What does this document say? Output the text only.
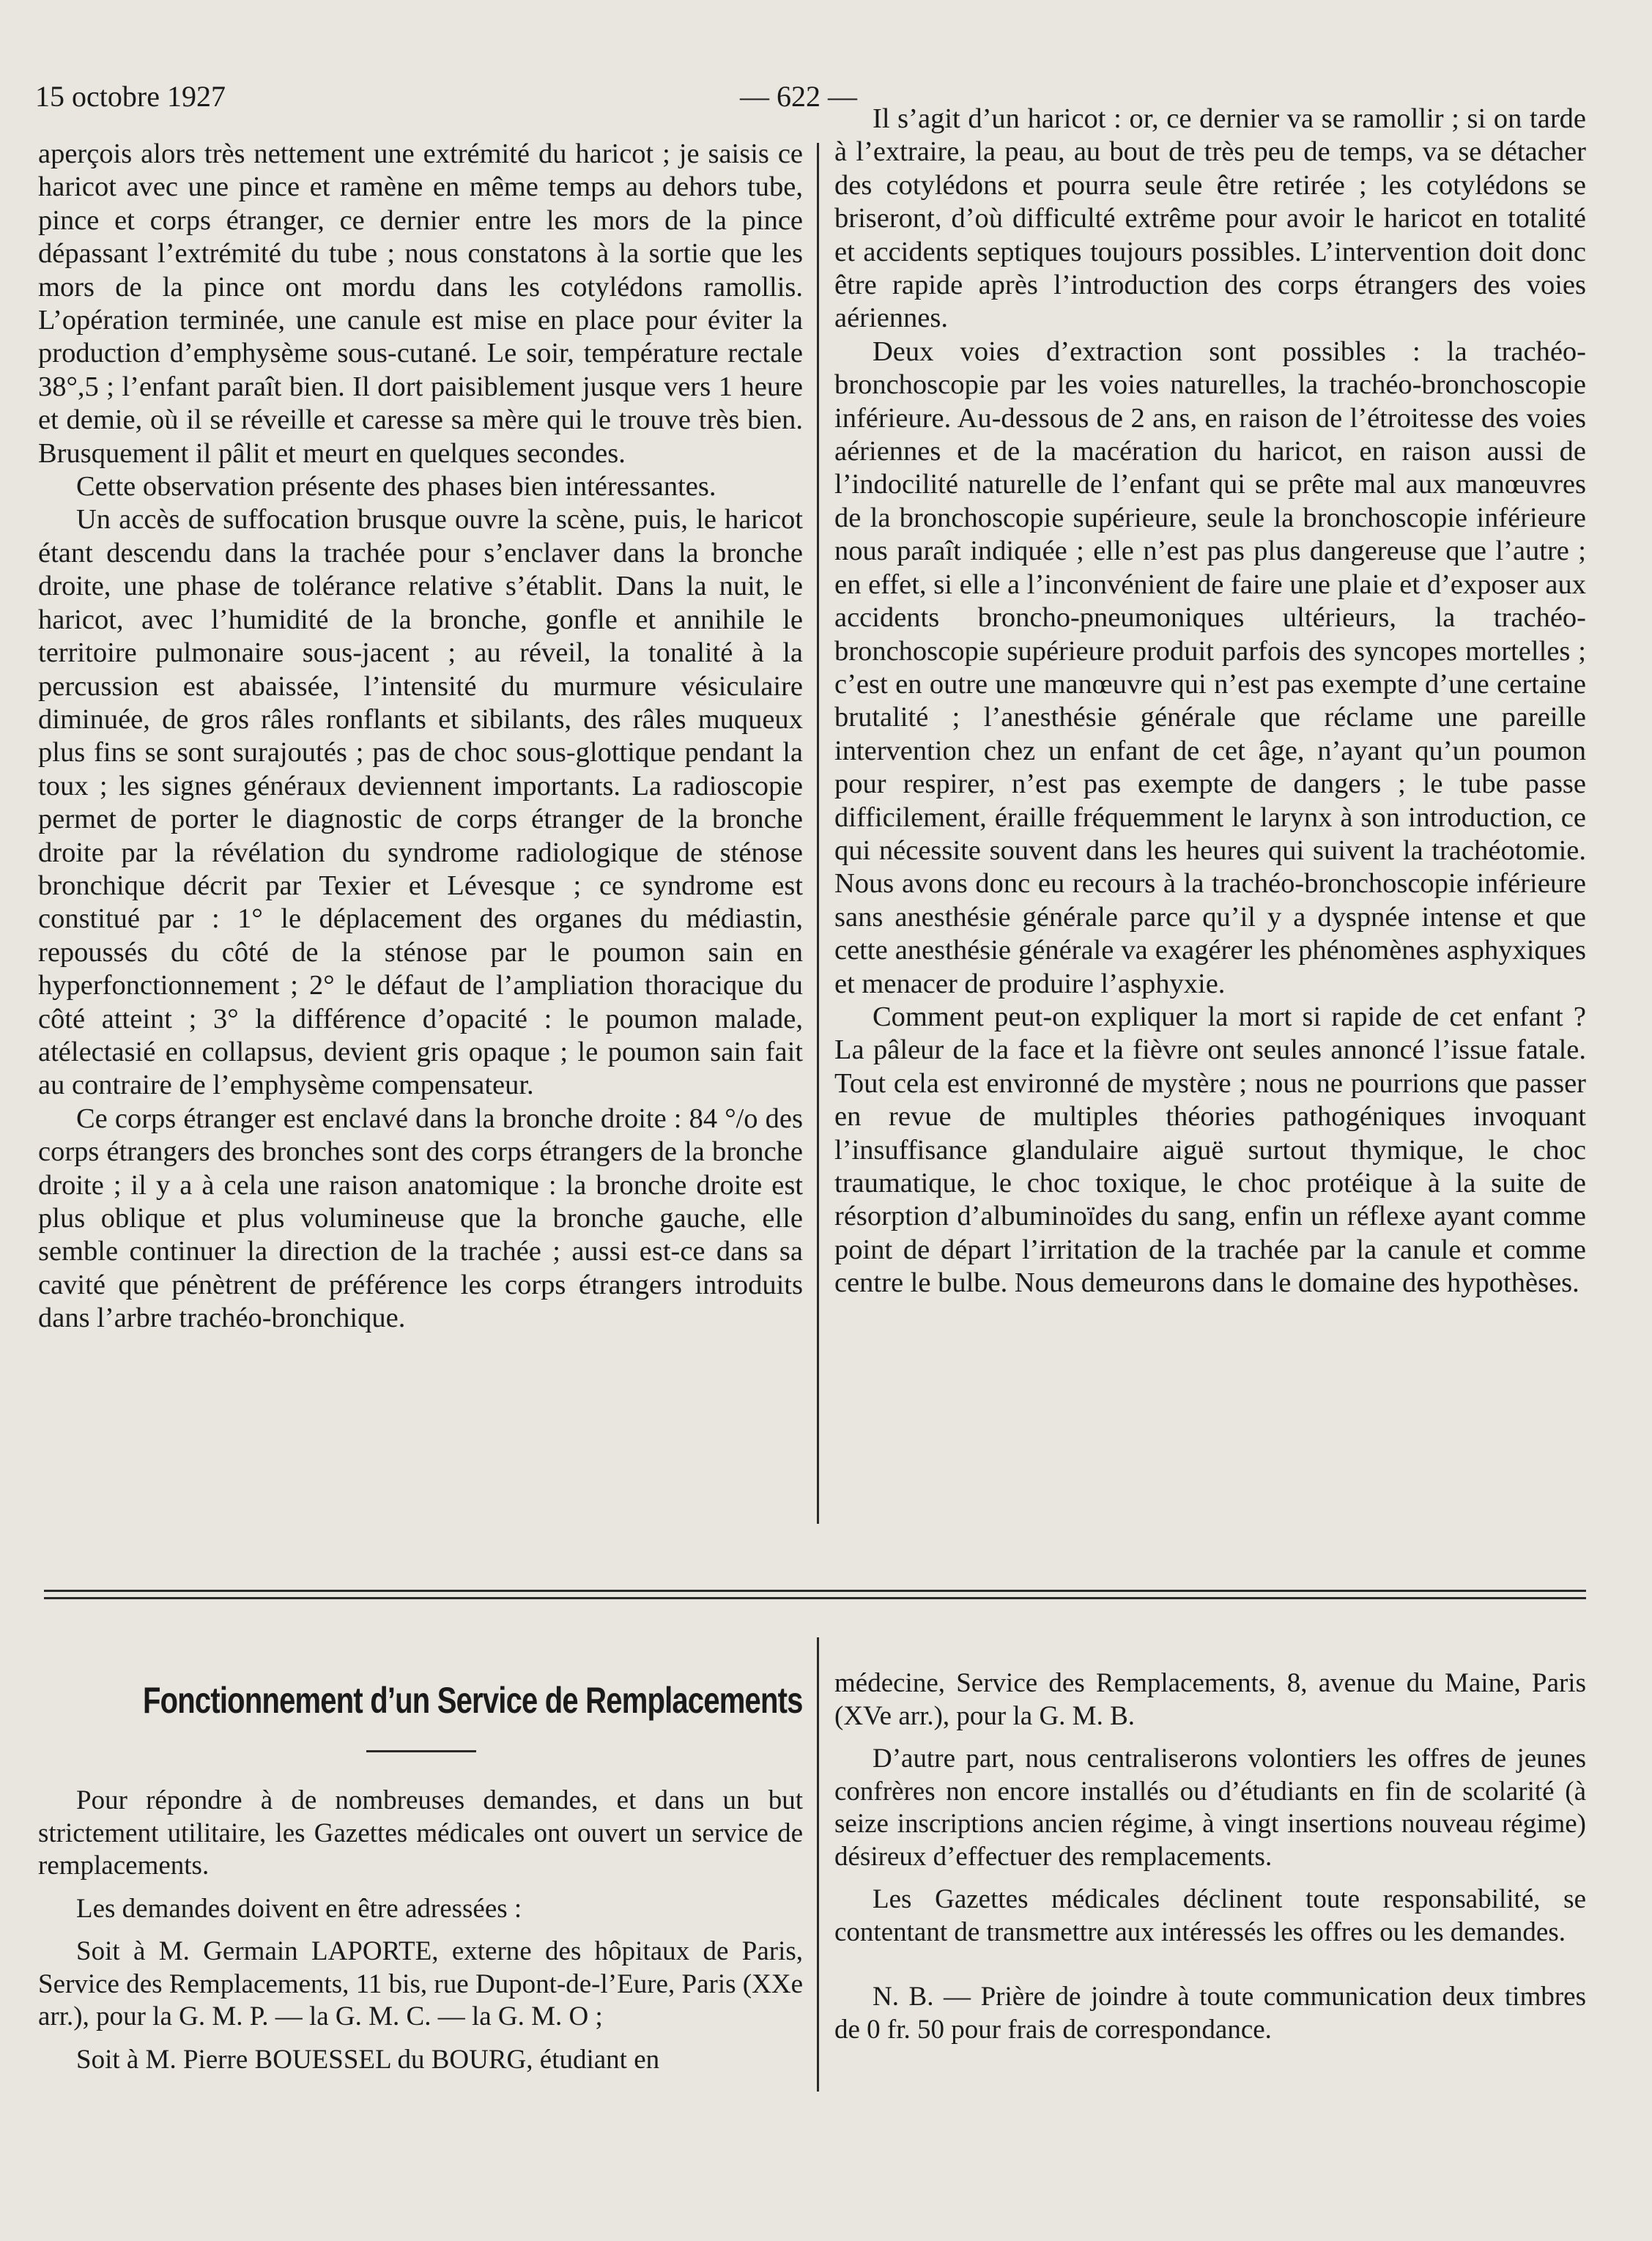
15 octobre 1927	— 622 —

aperçois alors très nettement une extrémité du haricot ; je saisis ce haricot avec une pince et ramène en même temps au dehors tube, pince et corps étranger, ce dernier entre les mors de la pince dépassant l’extrémité du tube ; nous constatons à la sortie que les mors de la pince ont mordu dans les cotylédons ramollis. L’opération terminée, une canule est mise en place pour éviter la production d’emphysème sous-cutané. Le soir, température rectale 38°,5 ; l’enfant paraît bien. Il dort paisiblement jusque vers 1 heure et demie, où il se réveille et caresse sa mère qui le trouve très bien. Brusquement il pâlit et meurt en quelques secondes.

Cette observation présente des phases bien intéressantes.

Un accès de suffocation brusque ouvre la scène, puis, le haricot étant descendu dans la trachée pour s’enclaver dans la bronche droite, une phase de tolérance relative s’établit. Dans la nuit, le haricot, avec l’humidité de la bronche, gonfle et annihile le territoire pulmonaire sous-jacent ; au réveil, la tonalité à la percussion est abaissée, l’intensité du murmure vésiculaire diminuée, de gros râles ronflants et sibilants, des râles muqueux plus fins se sont surajoutés ; pas de choc sous-glottique pendant la toux ; les signes généraux deviennent importants. La radioscopie permet de porter le diagnostic de corps étranger de la bronche droite par la révélation du syndrome radiologique de sténose bronchique décrit par Texier et Lévesque ; ce syndrome est constitué par : 1° le déplacement des organes du médiastin, repoussés du côté de la sténose par le poumon sain en hyperfonctionnement ; 2° le défaut de l’ampliation thoracique du côté atteint ; 3° la différence d’opacité : le poumon malade, atélectasié en collapsus, devient gris opaque ; le poumon sain fait au contraire de l’emphysème compensateur.

Ce corps étranger est enclavé dans la bronche droite : 84 °/o des corps étrangers des bronches sont des corps étrangers de la bronche droite ; il y a à cela une raison anatomique : la bronche droite est plus oblique et plus volumineuse que la bronche gauche, elle semble continuer la direction de la trachée ; aussi est-ce dans sa cavité que pénètrent de préférence les corps étrangers introduits dans l’arbre trachéo-bronchique.

Il s’agit d’un haricot : or, ce dernier va se ramollir ; si on tarde à l’extraire, la peau, au bout de très peu de temps, va se détacher des cotylédons et pourra seule être retirée ; les cotylédons se briseront, d’où difficulté extrême pour avoir le haricot en totalité et accidents septiques toujours possibles. L’intervention doit donc être rapide après l’introduction des corps étrangers des voies aériennes.

Deux voies d’extraction sont possibles : la trachéo-bronchoscopie par les voies naturelles, la trachéo-bronchoscopie inférieure. Au-dessous de 2 ans, en raison de l’étroitesse des voies aériennes et de la macération du haricot, en raison aussi de l’indocilité naturelle de l’enfant qui se prête mal aux manœuvres de la bronchoscopie supérieure, seule la bronchoscopie inférieure nous paraît indiquée ; elle n’est pas plus dangereuse que l’autre ; en effet, si elle a l’inconvénient de faire une plaie et d’exposer aux accidents broncho-pneumoniques ultérieurs, la trachéo-bronchoscopie supérieure produit parfois des syncopes mortelles ; c’est en outre une manœuvre qui n’est pas exempte d’une certaine brutalité ; l’anesthésie générale que réclame une pareille intervention chez un enfant de cet âge, n’ayant qu’un poumon pour respirer, n’est pas exempte de dangers ; le tube passe difficilement, éraille fréquemment le larynx à son introduction, ce qui nécessite souvent dans les heures qui suivent la trachéotomie. Nous avons donc eu recours à la trachéo-bronchoscopie inférieure sans anesthésie générale parce qu’il y a dyspnée intense et que cette anesthésie générale va exagérer les phénomènes asphyxiques et menacer de produire l’asphyxie.

Comment peut-on expliquer la mort si rapide de cet enfant ? La pâleur de la face et la fièvre ont seules annoncé l’issue fatale. Tout cela est environné de mystère ; nous ne pourrions que passer en revue de multiples théories pathogéniques invoquant l’insuffisance glandulaire aiguë surtout thymique, le choc traumatique, le choc toxique, le choc protéique à la suite de résorption d’albuminoïdes du sang, enfin un réflexe ayant comme point de départ l’irritation de la trachée par la canule et comme centre le bulbe. Nous demeurons dans le domaine des hypothèses.

Fonctionnement d’un Service de Remplacements

Pour répondre à de nombreuses demandes, et dans un but strictement utilitaire, les Gazettes médicales ont ouvert un service de remplacements.

Les demandes doivent en être adressées :

Soit à M. Germain LAPORTE, externe des hôpitaux de Paris, Service des Remplacements, 11 bis, rue Dupont-de-l’Eure, Paris (XXe arr.), pour la G. M. P. — la G. M. C. — la G. M. O ;

Soit à M. Pierre BOUESSEL du BOURG, étudiant en

médecine, Service des Remplacements, 8, avenue du Maine, Paris (XVe arr.), pour la G. M. B.

D’autre part, nous centraliserons volontiers les offres de jeunes confrères non encore installés ou d’étudiants en fin de scolarité (à seize inscriptions ancien régime, à vingt insertions nouveau régime) désireux d’effectuer des remplacements.

Les Gazettes médicales déclinent toute responsabilité, se contentant de transmettre aux intéressés les offres ou les demandes.

N. B. — Prière de joindre à toute communication deux timbres de 0 fr. 50 pour frais de correspondance.
